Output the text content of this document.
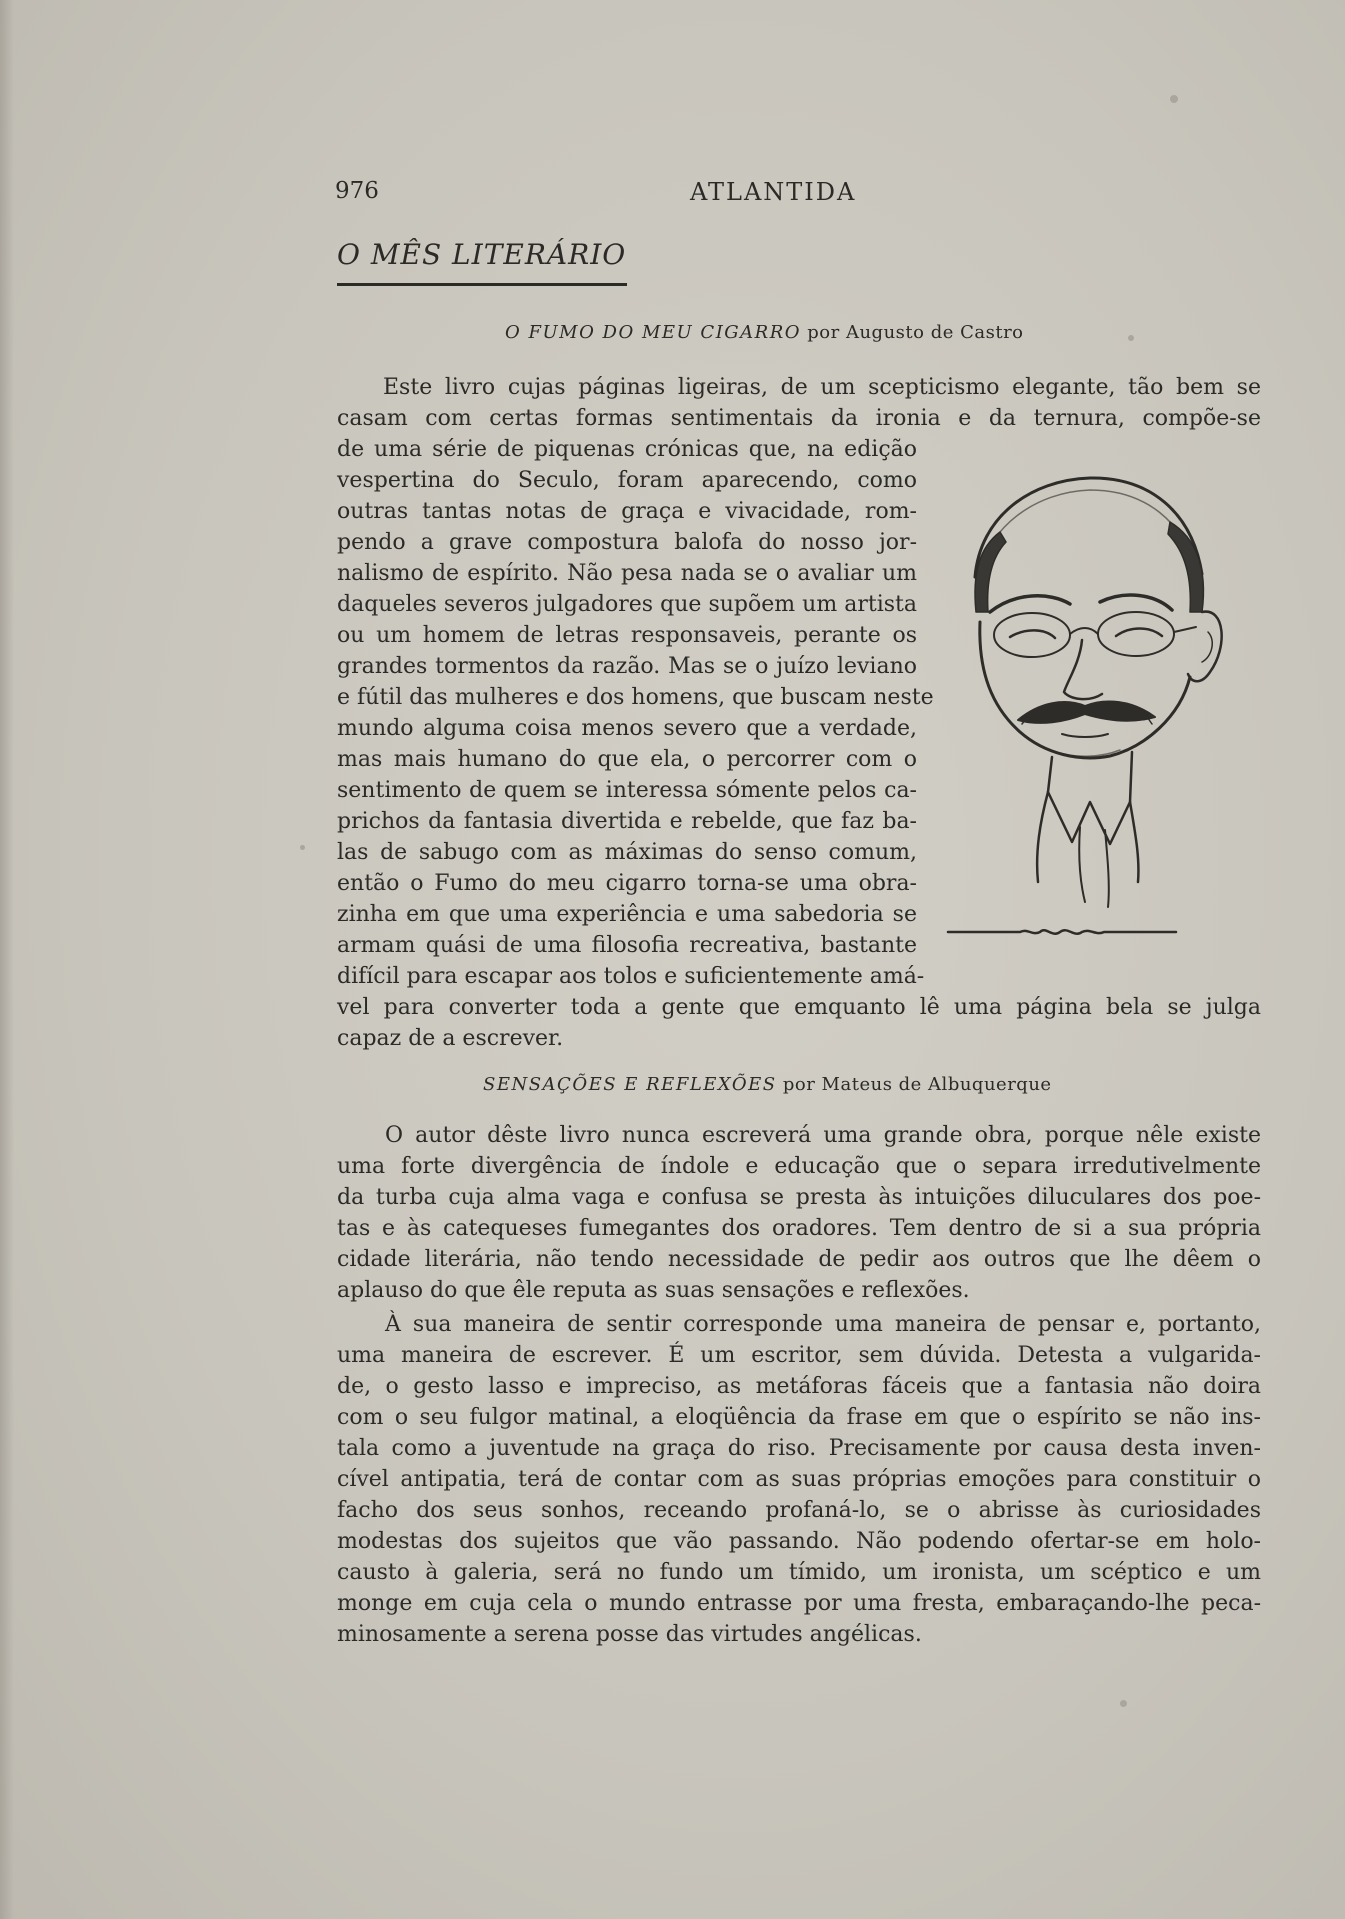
976	ATLANTIDA
O MÊS LITERÁRIO
O FUMO DO MEU CIGARRO por Augusto de Castro
Este livro cujas páginas ligeiras, de um scepticismo elegante, tão bem se
casam com certas formas sentimentais da ironia e da ternura, compõe-se
de uma série de piquenas crónicas que, na edição
vespertina do Seculo, foram aparecendo, como
outras tantas notas de graça e vivacidade, rom-
pendo a grave compostura balofa do nosso jor-
nalismo de espírito. Não pesa nada se o avaliar um
daqueles severos julgadores que supõem um artista
ou um homem de letras responsaveis, perante os
grandes tormentos da razão. Mas se o juízo leviano
e fútil das mulheres e dos homens, que buscam neste
mundo alguma coisa menos severo que a verdade,
mas mais humano do que ela, o percorrer com o
sentimento de quem se interessa sómente pelos ca-
prichos da fantasia divertida e rebelde, que faz ba-
las de sabugo com as máximas do senso comum,
então o Fumo do meu cigarro torna-se uma obra-
zinha em que uma experiência e uma sabedoria se
armam quási de uma filosofia recreativa, bastante
difícil para escapar aos tolos e suficientemente amá-
vel para converter toda a gente que emquanto lê uma página bela se julga
capaz de a escrever.
SENSAÇÕES E REFLEXÕES por Mateus de Albuquerque
O autor dêste livro nunca escreverá uma grande obra, porque nêle existe
uma forte divergência de índole e educação que o separa irredutivelmente
da turba cuja alma vaga e confusa se presta às intuições diluculares dos poe-
tas e às catequeses fumegantes dos oradores. Tem dentro de si a sua própria
cidade literária, não tendo necessidade de pedir aos outros que lhe dêem o
aplauso do que êle reputa as suas sensações e reflexões.
À sua maneira de sentir corresponde uma maneira de pensar e, portanto,
uma maneira de escrever. É um escritor, sem dúvida. Detesta a vulgarida-
de, o gesto lasso e impreciso, as metáforas fáceis que a fantasia não doira
com o seu fulgor matinal, a eloqüência da frase em que o espírito se não ins-
tala como a juventude na graça do riso. Precisamente por causa desta inven-
cível antipatia, terá de contar com as suas próprias emoções para constituir o
facho dos seus sonhos, receando profaná-lo, se o abrisse às curiosidades
modestas dos sujeitos que vão passando. Não podendo ofertar-se em holo-
causto à galeria, será no fundo um tímido, um ironista, um scéptico e um
monge em cuja cela o mundo entrasse por uma fresta, embaraçando-lhe peca-
minosamente a serena posse das virtudes angélicas.
